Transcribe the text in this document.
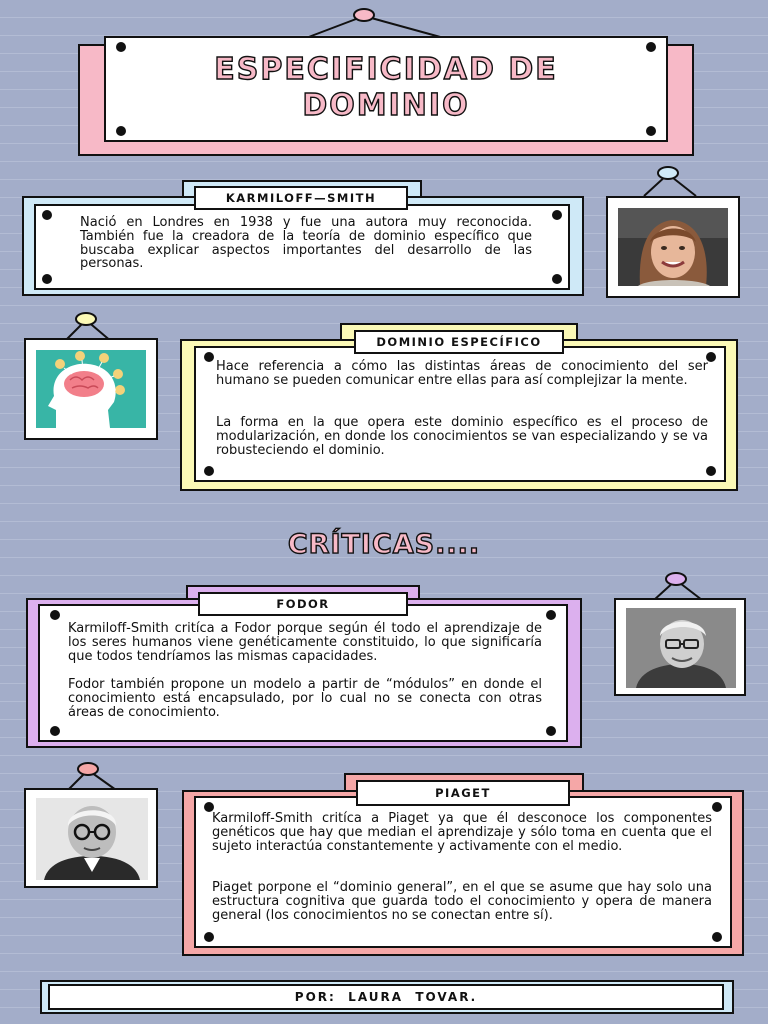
ESPECIFICIDAD DE DOMINIO

Nació en Londres en 1938 y fue una autora muy reconocida. También fue la creadora de la teoría de dominio específico que buscaba explicar aspectos importantes del desarrollo de las personas.

KARMILOFF—SMITH

Hace referencia a cómo las distintas áreas de conocimiento del ser humano se pueden comunicar entre ellas para así complejizar la mente.

La forma en la que opera este dominio específico es el proceso de modularización, en donde los conocimientos se van especializando y se va robusteciendo el dominio.

DOMINIO ESPECÍFICO
CRÍTICAS....

Karmiloff-Smith critíca a Fodor porque según él todo el aprendizaje de los seres humanos viene genéticamente constituido, lo que significaría que todos tendríamos las mismas capacidades.

Fodor también propone un modelo a partir de “módulos” en donde el conocimiento está encapsulado, por lo cual no se conecta con otras áreas de conocimiento.

FODOR

Karmiloff-Smith critíca a Piaget ya que él desconoce los componentes genéticos que hay que median el aprendizaje y sólo toma en cuenta que el sujeto interactúa constantemente y activamente con el medio.

Piaget porpone el “dominio general”, en el que se asume que hay solo una estructura cognitiva que guarda todo el conocimiento y opera de manera general (los conocimientos no se conectan entre sí).

PIAGET
POR:  LAURA  TOVAR.
